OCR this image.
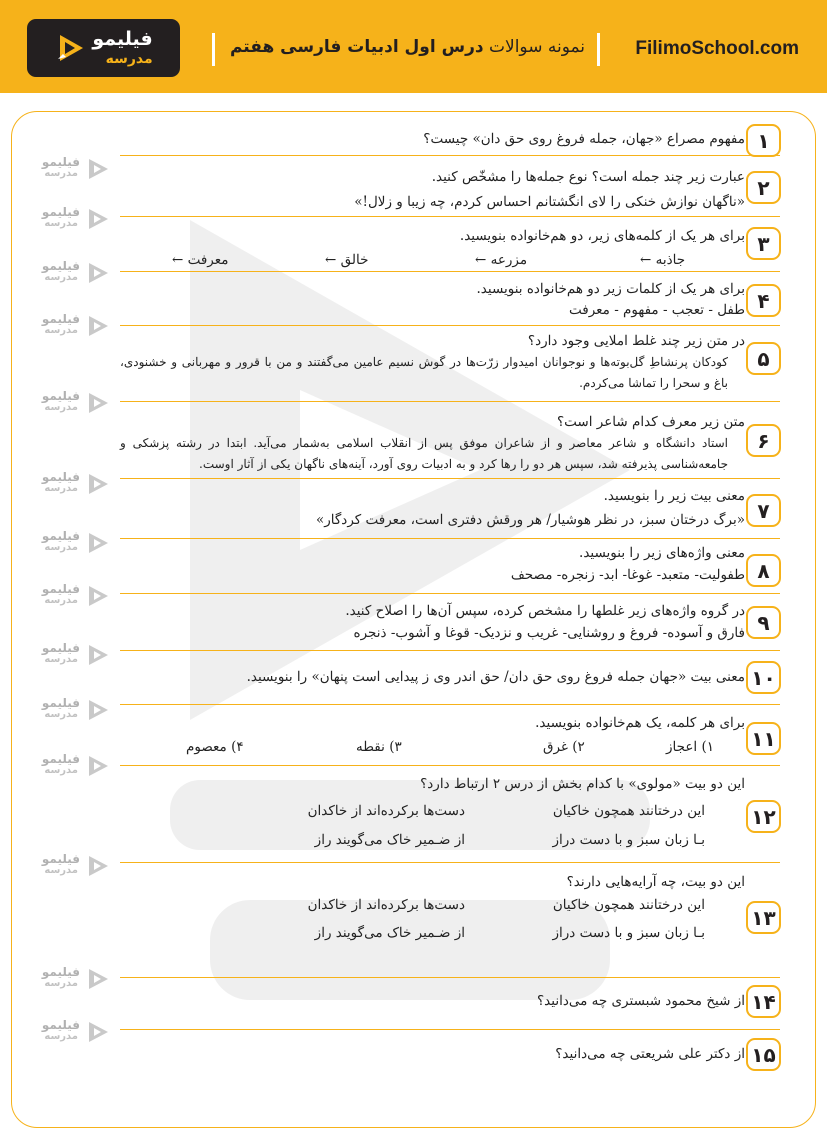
فیلیمو
مدرسه
نمونه سوالات درس اول ادبیات فارسی هفتم	FilimoSchool.com
فیلیمو
مدرسه
فیلیمو
مدرسه
فیلیمو
مدرسه
فیلیمو
مدرسه
فیلیمو
مدرسه
فیلیمو
مدرسه
فیلیمو
مدرسه
فیلیمو
مدرسه
فیلیمو
مدرسه
فیلیمو
مدرسه
فیلیمو
مدرسه
فیلیمو
مدرسه
فیلیمو
مدرسه
فیلیمو
مدرسه
۱
مفهوم مصراع «جهان، جمله فروغ روی حق دان» چیست؟
۲
عبارت زیر چند جمله است؟ نوع جمله‌ها را مشخّص کنید.
«ناگهان نوازش خنکی را لای انگشتانم احساس کردم، چه زیبا و زلال!»
۳
برای هر یک از کلمه‌های زیر، دو هم‌خانواده بنویسید.
جاذبه ←
مزرعه ←
خالق ←
معرفت ←
۴
برای هر یک از کلمات زیر دو هم‌خانواده بنویسید.
طفل - تعجب - مفهوم - معرفت
۵
در متن زیر چند غلط املایی وجود دارد؟
کودکان پرنشاطِ گل‌بوته‌ها و نوجوانان امیدوار زرّت‌ها در گوش نسیم عامین می‌گفتند و من با قرور و مهربانی و خشنودی، باغ و سحرا را تماشا می‌کردم.
۶
متن زیر معرف کدام شاعر است؟
استاد دانشگاه و شاعر معاصر و از شاعران موفق پس از انقلاب اسلامی به‌شمار می‌آید. ابتدا در رشته پزشکی و جامعه‌شناسی پذیرفته شد، سپس هر دو را رها کرد و به ادبیات روی آورد، آینه‌های ناگهان یکی از آثار اوست.
۷
معنی بیت زیر را بنویسید.
«برگ درختان سبز، در نظر هوشیار/ هر ورقش دفتری است، معرفت کردگار»
۸
معنی واژه‌های زیر را بنویسید.
طفولیت- متعبد- غوغا- ابد- زنجره- مصحف
۹
در گروه واژه‌های زیر غلطها را مشخص کرده، سپس آن‌ها را اصلاح کنید.
فارق و آسوده- فروغ و روشنایی- غریب و نزدیک- قوغا و آشوب- ذنجره
۱۰
معنی بیت «جهان جمله فروغ روی حق دان/ حق اندر وی ز پیدایی است پنهان» را بنویسید.
۱۱
برای هر کلمه، یک هم‌خانواده بنویسید.
۱) اعجاز
۲) غرق
۳) نقطه
۴) معصوم
۱۲
این دو بیت «مولوی» با کدام بخش از درس ۲ ارتباط دارد؟
این درختانند همچون خاکیان
دست‌ها برکرده‌اند از خاکدان
بـا زبان سبز و با دست دراز
از ضـمیر خاک می‌گویند راز
۱۳
این دو بیت، چه آرایه‌هایی دارند؟
این درختانند همچون خاکیان
دست‌ها برکرده‌اند از خاکدان
بـا زبان سبز و با دست دراز
از ضـمیر خاک می‌گویند راز
۱۴
از شیخ محمود شبستری چه می‌دانید؟
۱۵
از دکتر علی شریعتی چه می‌دانید؟
